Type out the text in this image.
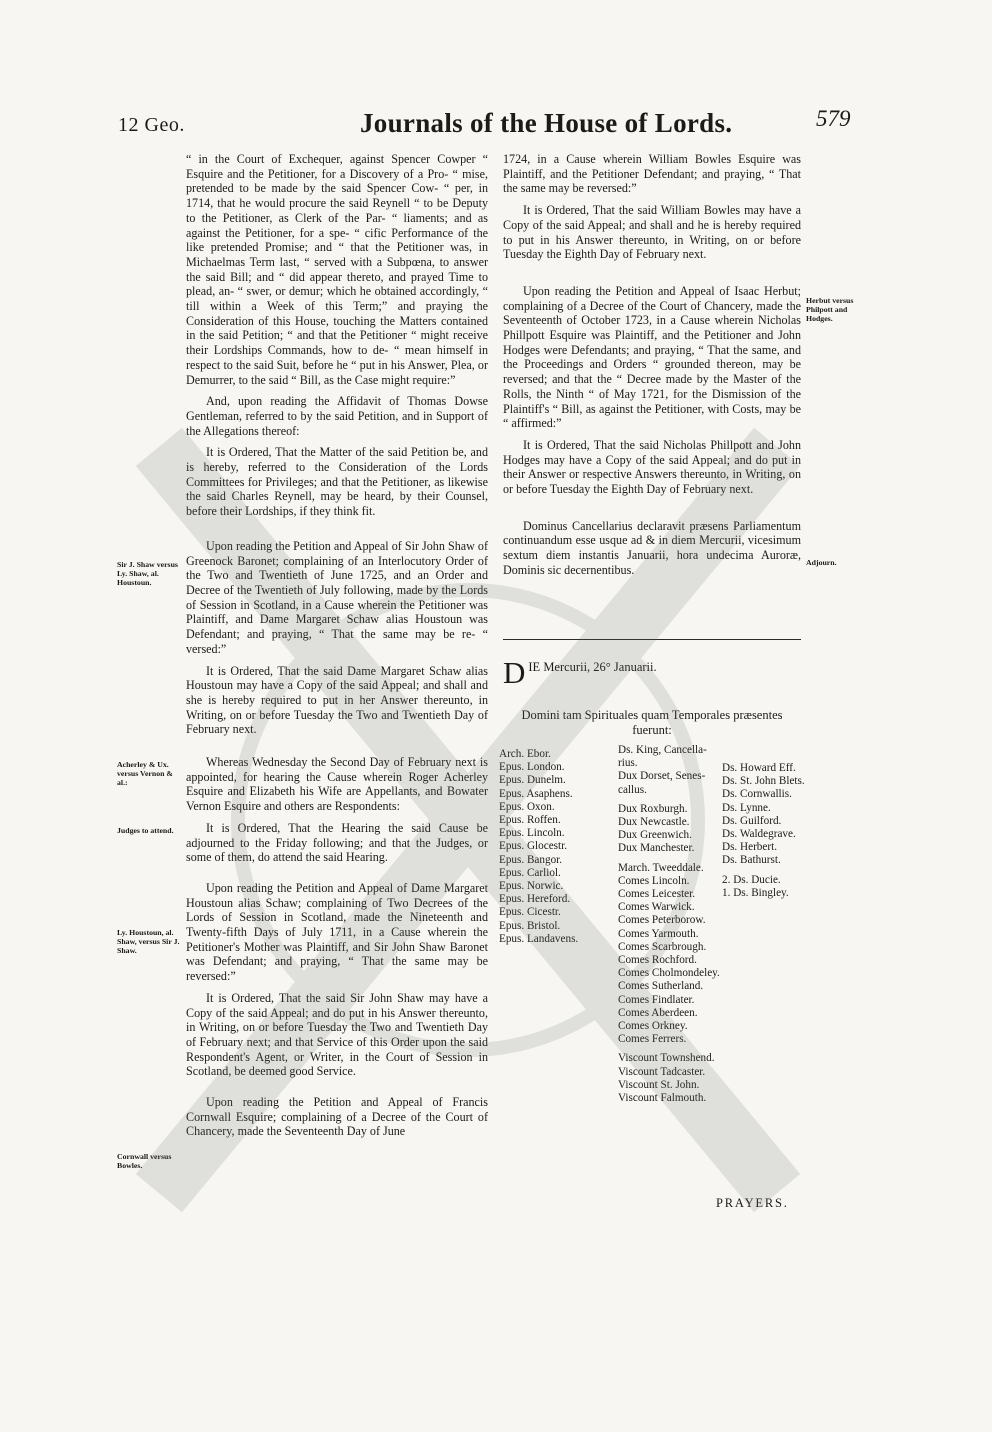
12 Geo.	Journals of the House of Lords.	579

“ in the Court of Exchequer, against Spencer Cowper “ Esquire and the Petitioner, for a Discovery of a Pro- “ mise, pretended to be made by the said Spencer Cow- “ per, in 1714, that he would procure the said Reynell “ to be Deputy to the Petitioner, as Clerk of the Par- “ liaments; and as against the Petitioner, for a spe- “ cific Performance of the like pretended Promise; and “ that the Petitioner was, in Michaelmas Term last, “ served with a Subpœna, to answer the said Bill; and “ did appear thereto, and prayed Time to plead, an- “ swer, or demur; which he obtained accordingly, “ till within a Week of this Term;” and praying the Consideration of this House, touching the Matters contained in the said Petition; “ and that the Petitioner “ might receive their Lordships Commands, how to de- “ mean himself in respect to the said Suit, before he “ put in his Answer, Plea, or Demurrer, to the said “ Bill, as the Case might require:”

And, upon reading the Affidavit of Thomas Dowse Gentleman, referred to by the said Petition, and in Support of the Allegations thereof:

It is Ordered, That the Matter of the said Petition be, and is hereby, referred to the Consideration of the Lords Committees for Privileges; and that the Petitioner, as likewise the said Charles Reynell, may be heard, by their Counsel, before their Lordships, if they think fit.

Upon reading the Petition and Appeal of Sir John Shaw of Greenock Baronet; complaining of an Interlocutory Order of the Two and Twentieth of June 1725, and an Order and Decree of the Twentieth of July following, made by the Lords of Session in Scotland, in a Cause wherein the Petitioner was Plaintiff, and Dame Margaret Schaw alias Houstoun was Defendant; and praying, “ That the same may be re- “ versed:”

It is Ordered, That the said Dame Margaret Schaw alias Houstoun may have a Copy of the said Appeal; and shall and she is hereby required to put in her Answer thereunto, in Writing, on or before Tuesday the Two and Twentieth Day of February next.

Whereas Wednesday the Second Day of February next is appointed, for hearing the Cause wherein Roger Acherley Esquire and Elizabeth his Wife are Appellants, and Bowater Vernon Esquire and others are Respondents:

It is Ordered, That the Hearing the said Cause be adjourned to the Friday following; and that the Judges, or some of them, do attend the said Hearing.

Upon reading the Petition and Appeal of Dame Margaret Houstoun alias Schaw; complaining of Two Decrees of the Lords of Session in Scotland, made the Nineteenth and Twenty-fifth Days of July 1711, in a Cause wherein the Petitioner's Mother was Plaintiff, and Sir John Shaw Baronet was Defendant; and praying, “ That the same may be reversed:”

It is Ordered, That the said Sir John Shaw may have a Copy of the said Appeal; and do put in his Answer thereunto, in Writing, on or before Tuesday the Two and Twentieth Day of February next; and that Service of this Order upon the said Respondent's Agent, or Writer, in the Court of Session in Scotland, be deemed good Service.

Upon reading the Petition and Appeal of Francis Cornwall Esquire; complaining of a Decree of the Court of Chancery, made the Seventeenth Day of June

Sir J. Shaw versus Ly. Shaw, al. Houstoun.
Acherley & Ux. versus Vernon & al.:
Judges to attend.
Ly. Houstoun, al. Shaw, versus Sir J. Shaw.
Cornwall versus Bowles.
Herbut versus Philpott and Hodges.
Adjourn.

1724, in a Cause wherein William Bowles Esquire was Plaintiff, and the Petitioner Defendant; and praying, “ That the same may be reversed:”

It is Ordered, That the said William Bowles may have a Copy of the said Appeal; and shall and he is hereby required to put in his Answer thereunto, in Writing, on or before Tuesday the Eighth Day of February next.

Upon reading the Petition and Appeal of Isaac Herbut; complaining of a Decree of the Court of Chancery, made the Seventeenth of October 1723, in a Cause wherein Nicholas Phillpott Esquire was Plaintiff, and the Petitioner and John Hodges were Defendants; and praying, “ That the same, and the Proceedings and Orders “ grounded thereon, may be reversed; and that the “ Decree made by the Master of the Rolls, the Ninth “ of May 1721, for the Dismission of the Plaintiff's “ Bill, as against the Petitioner, with Costs, may be “ affirmed:”

It is Ordered, That the said Nicholas Phillpott and John Hodges may have a Copy of the said Appeal; and do put in their Answer or respective Answers thereunto, in Writing, on or before Tuesday the Eighth Day of February next.

Dominus Cancellarius declaravit præsens Parliamentum continuandum esse usque ad & in diem Mercurii, vicesimum sextum diem instantis Januarii, hora undecima Auroræ, Dominis sic decernentibus.

D IE Mercurii, 26° Januarii.
Domini tam Spirituales quam Temporales præsentes fuerunt:
Arch. Ebor.
Epus. London.
Epus. Dunelm.
Epus. Asaphens.
Epus. Oxon.
Epus. Roffen.
Epus. Lincoln.
Epus. Glocestr.
Epus. Bangor.
Epus. Carliol.
Epus. Norwic.
Epus. Hereford.
Epus. Cicestr.
Epus. Bristol.
Epus. Landavens.
Ds. King, Cancella-
rius.
Dux Dorset, Senes-
callus.
Dux Roxburgh.
Dux Newcastle.
Dux Greenwich.
Dux Manchester.
March. Tweeddale.
Comes Lincoln.
Comes Leicester.
Comes Warwick.
Comes Peterborow.
Comes Yarmouth.
Comes Scarbrough.
Comes Rochford.
Comes Cholmondeley.
Comes Sutherland.
Comes Findlater.
Comes Aberdeen.
Comes Orkney.
Comes Ferrers.
Viscount Townshend.
Viscount Tadcaster.
Viscount St. John.
Viscount Falmouth.
Ds. Howard Eff.
Ds. St. John Blets.
Ds. Cornwallis.
Ds. Lynne.
Ds. Guilford.
Ds. Waldegrave.
Ds. Herbert.
Ds. Bathurst.
2. Ds. Ducie.
1. Ds. Bingley.
PRAYERS.
